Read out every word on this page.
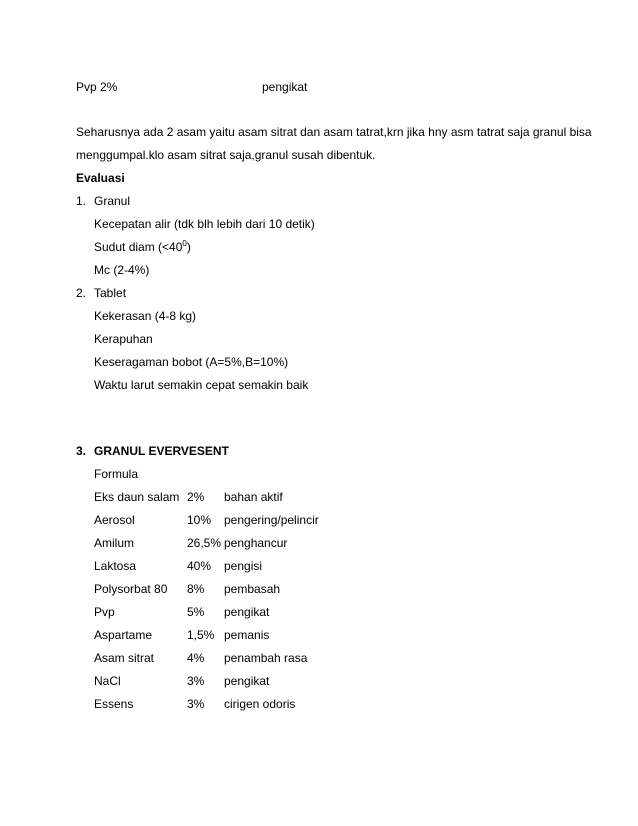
Pvp 2%	pengikat
Seharusnya ada 2 asam yaitu asam sitrat dan asam tatrat,krn jika hny asm tatrat saja granul bisa
menggumpal.klo asam sitrat saja,granul susah dibentuk.
Evaluasi
1. Granul
Kecepatan alir (tdk blh lebih dari 10 detik)
Sudut diam $(<40^0)$
Mc (2-4%)
2. Tablet
Kekerasan (4-8 kg)
Kerapuhan
Keseragaman bobot (A=5%,B=10%)
Waktu larut semakin cepat semakin baik
3. GRANUL EVERVESENT
Formula
Eks daun salam 2% bahan aktif
Aerosol	10% pengering/pelincir
Amilum	26,5% penghancur
Laktosa	40% pengisi
Polysorbat 80 8% pembasah
Pvp	5% pengikat
Aspartame	1,5% pemanis
Asam sitrat	4% penambah rasa
NaCl	3% pengikat
Essens	3% cirigen odoris
